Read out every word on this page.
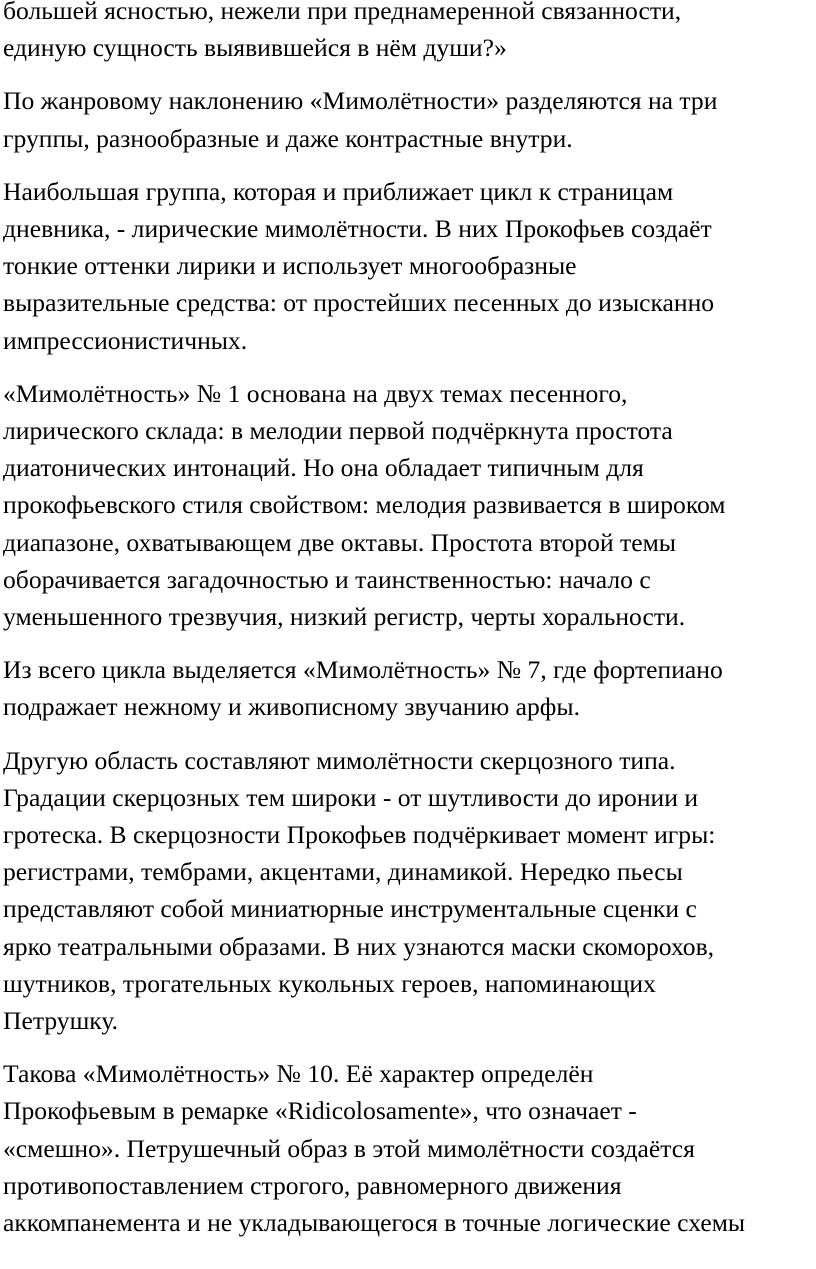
большей ясностью, нежели при преднамеренной связанности,
единую сущность выявившейся в нём души?»

По жанровому наклонению «Мимолётности» разделяются на три
группы, разнообразные и даже контрастные внутри.

Наибольшая группа, которая и приближает цикл к страницам
дневника, - лирические мимолётности. В них Прокофьев создаёт
тонкие оттенки лирики и использует многообразные
выразительные средства: от простейших песенных до изысканно
импрессионистичных.

«Мимолётность» № 1 основана на двух темах песенного,
лирического склада: в мелодии первой подчёркнута простота
диатонических интонаций. Но она обладает типичным для
прокофьевского стиля свойством: мелодия развивается в широком
диапазоне, охватывающем две октавы. Простота второй темы
оборачивается загадочностью и таинственностью: начало с
уменьшенного трезвучия, низкий регистр, черты хоральности.

Из всего цикла выделяется «Мимолётность» № 7, где фортепиано
подражает нежному и живописному звучанию арфы.

Другую область составляют мимолётности скерцозного типа.
Градации скерцозных тем широки - от шутливости до иронии и
гротеска. В скерцозности Прокофьев подчёркивает момент игры:
регистрами, тембрами, акцентами, динамикой. Нередко пьесы
представляют собой миниатюрные инструментальные сценки с
ярко театральными образами. В них узнаются маски скоморохов,
шутников, трогательных кукольных героев, напоминающих
Петрушку.

Такова «Мимолётность» № 10. Её характер определён
Прокофьевым в ремарке «Ridicolosamente», что означает -
«смешно». Петрушечный образ в этой мимолётности создаётся
противопоставлением строгого, равномерного движения
аккомпанемента и не укладывающегося в точные логические схемы
